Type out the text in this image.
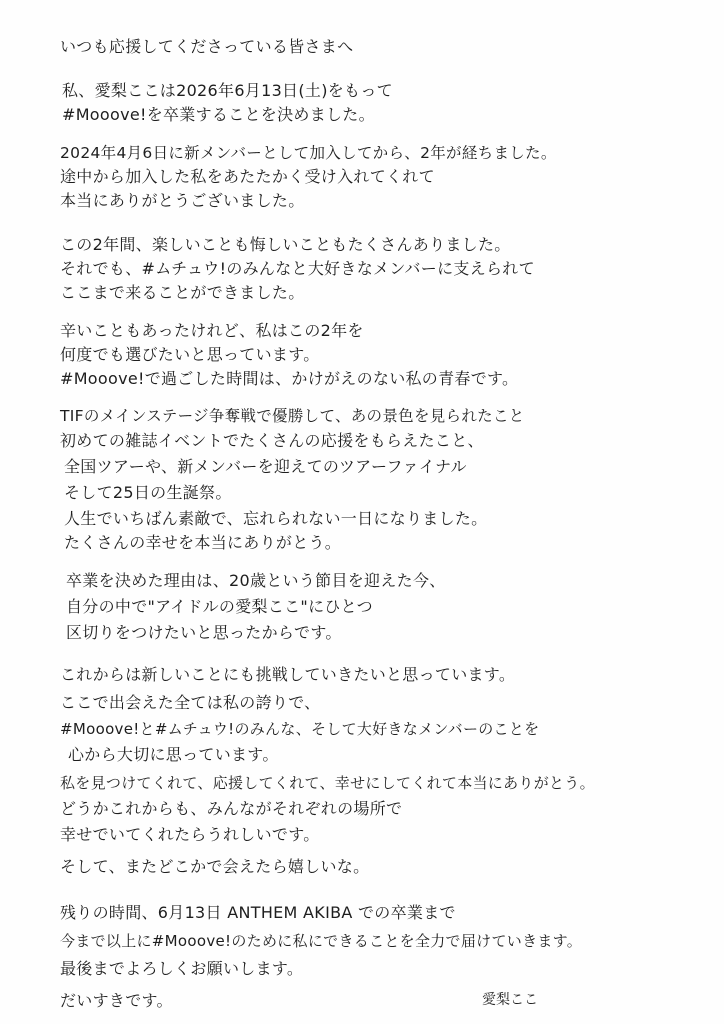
いつも応援してくださっている皆さまへ
私、愛梨ここは2026年6月13日(土)をもって
#Mooove!を卒業することを決めました。
2024年4月6日に新メンバーとして加入してから、2年が経ちました。
途中から加入した私をあたたかく受け入れてくれて
本当にありがとうございました。
この2年間、楽しいことも悔しいこともたくさんありました。
それでも、#ムチュウ!のみんなと大好きなメンバーに支えられて
ここまで来ることができました。
辛いこともあったけれど、私はこの2年を
何度でも選びたいと思っています。
#Mooove!で過ごした時間は、かけがえのない私の青春です。
TIFのメインステージ争奪戦で優勝して、あの景色を見られたこと
初めての雑誌イベントでたくさんの応援をもらえたこと、
全国ツアーや、新メンバーを迎えてのツアーファイナル
そして25日の生誕祭。
人生でいちばん素敵で、忘れられない一日になりました。
たくさんの幸せを本当にありがとう。
卒業を決めた理由は、20歳という節目を迎えた今、
自分の中で"アイドルの愛梨ここ"にひとつ
区切りをつけたいと思ったからです。
これからは新しいことにも挑戦していきたいと思っています。
ここで出会えた全ては私の誇りで、
#Mooove!と#ムチュウ!のみんな、そして大好きなメンバーのことを
心から大切に思っています。
私を見つけてくれて、応援してくれて、幸せにしてくれて本当にありがとう。
どうかこれからも、みんながそれぞれの場所で
幸せでいてくれたらうれしいです。
そして、またどこかで会えたら嬉しいな。
残りの時間、6月13日 ANTHEM AKIBA での卒業まで
今まで以上に#Mooove!のために私にできることを全力で届けていきます。
最後までよろしくお願いします。
だいすきです。	愛梨ここ
